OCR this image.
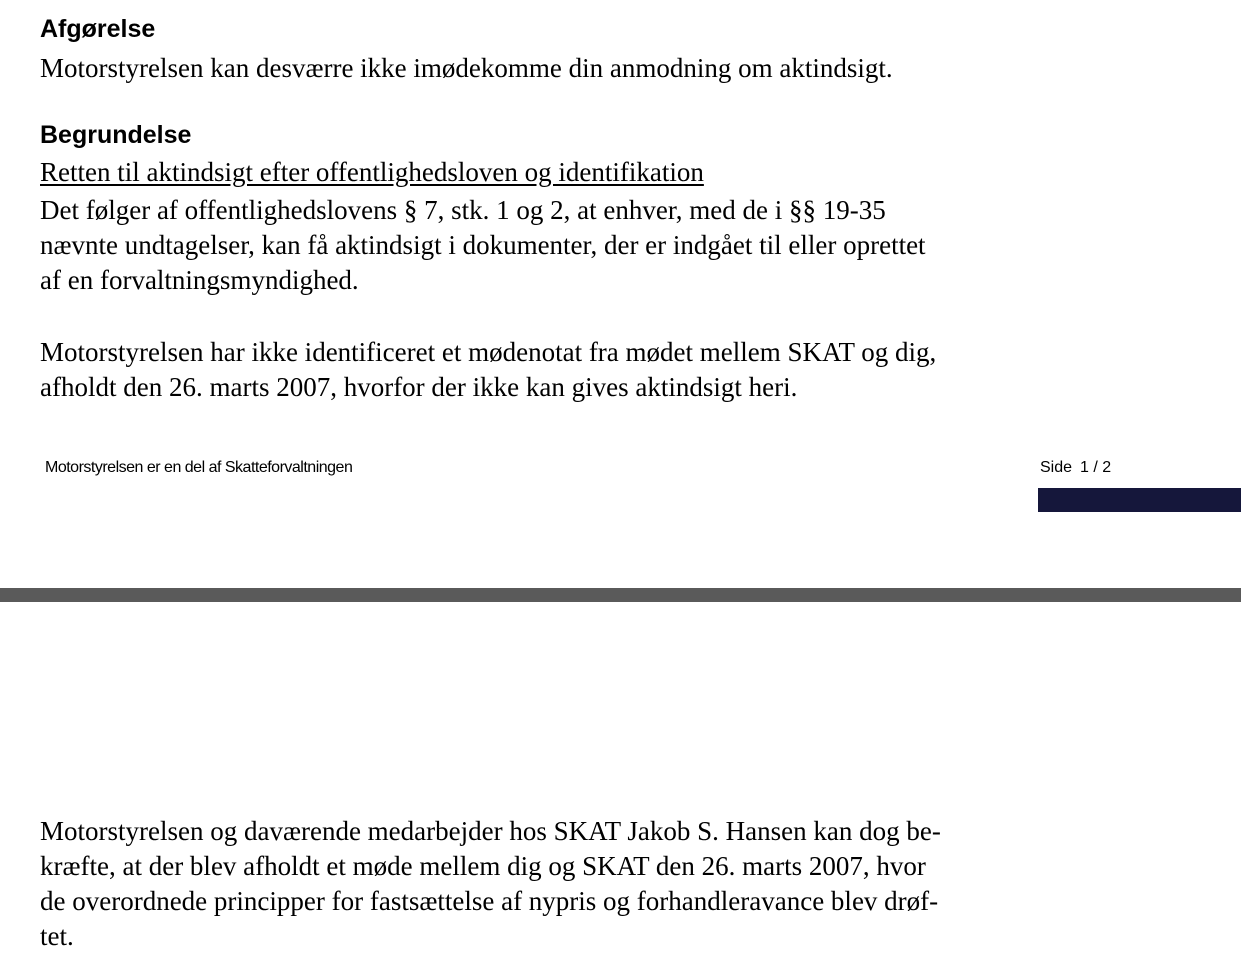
Afgørelse

Motorstyrelsen kan desværre ikke imødekomme din anmodning om aktindsigt.

Begrundelse

Retten til aktindsigt efter offentlighedsloven og identifikation

Det følger af offentlighedslovens § 7, stk. 1 og 2, at enhver, med de i §§ 19-35
nævnte undtagelser, kan få aktindsigt i dokumenter, der er indgået til eller oprettet
af en forvaltningsmyndighed.

Motorstyrelsen har ikke identificeret et mødenotat fra mødet mellem SKAT og dig,
afholdt den 26. marts 2007, hvorfor der ikke kan gives aktindsigt heri.

Motorstyrelsen er en del af Skatteforvaltningen	Side 1 / 2

Motorstyrelsen og daværende medarbejder hos SKAT Jakob S. Hansen kan dog be-
kræfte, at der blev afholdt et møde mellem dig og SKAT den 26. marts 2007, hvor
de overordnede principper for fastsættelse af nypris og forhandleravance blev drøf-
tet.
